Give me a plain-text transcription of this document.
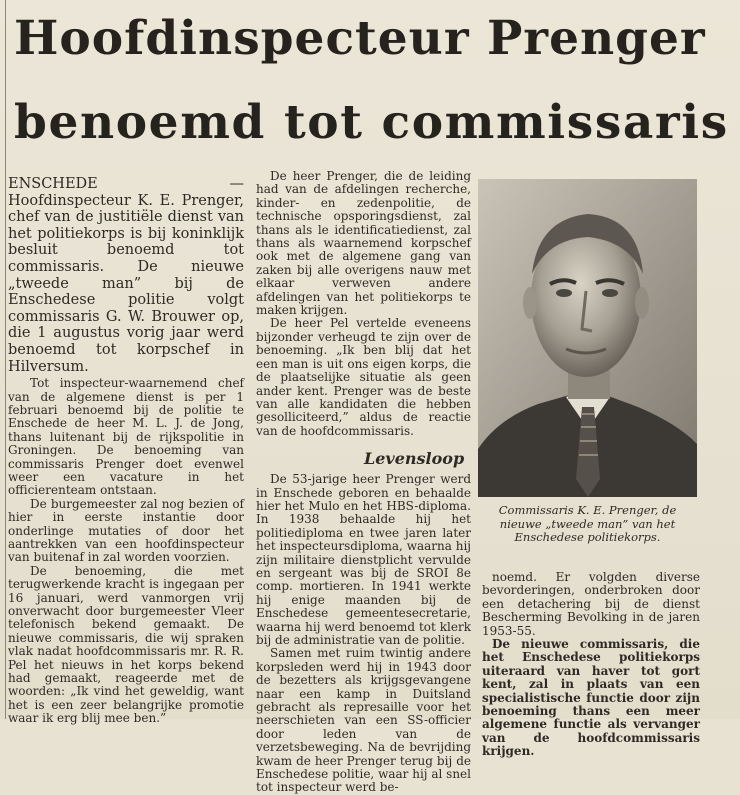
Hoofdinspecteur Prenger
benoemd tot commissaris

ENSCHEDE — Hoofdinspecteur K. E. Prenger, chef van de justitiële dienst van het politiekorps is bij koninklijk besluit benoemd tot commissaris. De nieuwe „tweede man” bij de Enschedese politie volgt commissaris G. W. Brouwer op, die 1 augustus vorig jaar werd benoemd tot korpschef in Hilversum.

Tot inspecteur-waarnemend chef van de algemene dienst is per 1 februari benoemd bij de politie te Enschede de heer M. L. J. de Jong, thans luitenant bij de rijkspolitie in Groningen. De benoeming van commissaris Prenger doet evenwel weer een vacature in het officierenteam ontstaan.

De burgemeester zal nog bezien of hier in eerste instantie door onderlinge mutaties of door het aantrekken van een hoofdinspecteur van buitenaf in zal worden voorzien.

De benoeming, die met terugwerkende kracht is ingegaan per 16 januari, werd vanmorgen vrij onverwacht door burgemeester Vleer telefonisch bekend gemaakt. De nieuwe commissaris, die wij spraken vlak nadat hoofdcommissaris mr. R. R. Pel het nieuws in het korps bekend had gemaakt, reageerde met de woorden: „Ik vind het geweldig, want het is een zeer belangrijke promotie waar ik erg blij mee ben.”

De heer Prenger, die de leiding had van de afdelingen recherche, kinder- en zedenpolitie, de technische opsporingsdienst, zal thans als le identificatiedienst, zal thans als waarnemend korpschef ook met de algemene gang van zaken bij alle overigens nauw met elkaar verweven andere afdelingen van het politiekorps te maken krijgen.

De heer Pel vertelde eveneens bijzonder verheugd te zijn over de benoeming. „Ik ben blij dat het een man is uit ons eigen korps, die de plaatselijke situatie als geen ander kent. Prenger was de beste van alle kandidaten die hebben gesolliciteerd,” aldus de reactie van de hoofdcommissaris.

Levensloop

De 53-jarige heer Prenger werd in Enschede geboren en behaalde hier het Mulo en het HBS-diploma. In 1938 behaalde hij het politiediploma en twee jaren later het inspecteursdiploma, waarna hij zijn militaire dienstplicht vervulde en sergeant was bij de SROI 8e comp. mortieren. In 1941 werkte hij enige maanden bij de Enschedese gemeentesecretarie, waarna hij werd benoemd tot klerk bij de administratie van de politie.

Samen met ruim twintig andere korpsleden werd hij in 1943 door de bezetters als krijgsgevangene naar een kamp in Duitsland gebracht als represaille voor het neerschieten van een SS-officier door leden van de verzetsbeweging. Na de bevrijding kwam de heer Prenger terug bij de Enschedese politie, waar hij al snel tot inspecteur werd be-

Commissaris K. E. Prenger, de nieuwe „tweede man” van het Enschedese politiekorps.

noemd. Er volgden diverse bevorderingen, onderbroken door een detachering bij de dienst Bescherming Bevolking in de jaren 1953-55.

De nieuwe commissaris, die het Enschedese politiekorps uiteraard van haver tot gort kent, zal in plaats van een specialistische functie door zijn benoeming thans een meer algemene functie als vervanger van de hoofdcommissaris krijgen.
